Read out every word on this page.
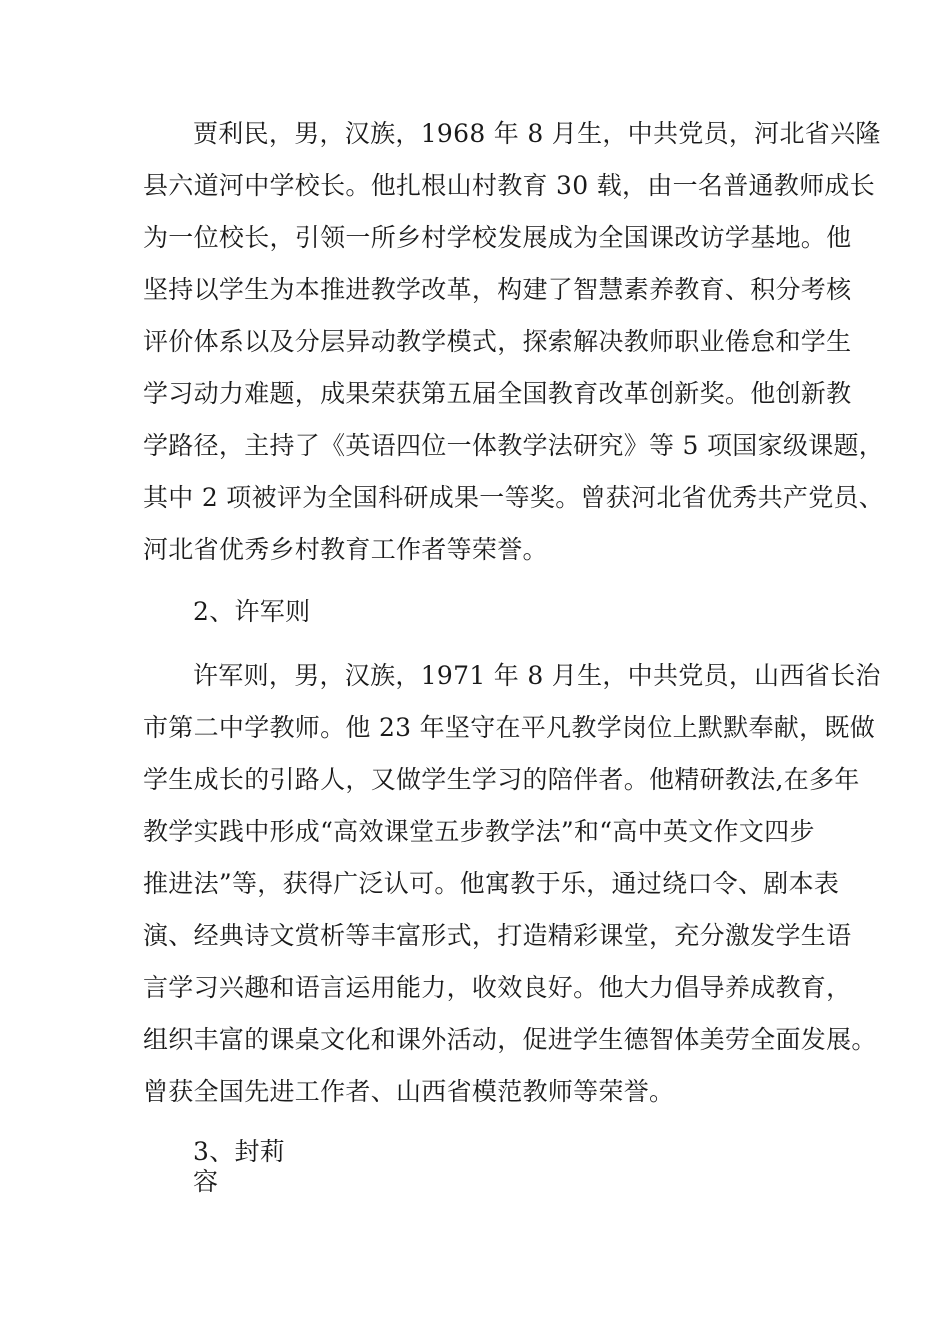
贾利民，男，汉族，1968 年 8 月生，中共党员，河北省兴隆
县六道河中学校长。他扎根山村教育 30 载，由一名普通教师成长
为一位校长，引领一所乡村学校发展成为全国课改访学基地。他
坚持以学生为本推进教学改革，构建了智慧素养教育、积分考核
评价体系以及分层异动教学模式，探索解决教师职业倦怠和学生
学习动力难题，成果荣获第五届全国教育改革创新奖。他创新教
学路径，主持了《英语四位一体教学法研究》等 5 项国家级课题，
其中 2 项被评为全国科研成果一等奖。曾获河北省优秀共产党员、
河北省优秀乡村教育工作者等荣誉。
2、许军则
许军则，男，汉族，1971 年 8 月生，中共党员，山西省长治
市第二中学教师。他 23 年坚守在平凡教学岗位上默默奉献，既做
学生成长的引路人，又做学生学习的陪伴者。他精研教法,在多年
教学实践中形成“高效课堂五步教学法”和“高中英文作文四步
推进法”等，获得广泛认可。他寓教于乐，通过绕口令、剧本表
演、经典诗文赏析等丰富形式，打造精彩课堂，充分激发学生语
言学习兴趣和语言运用能力，收效良好。他大力倡导养成教育，
组织丰富的课桌文化和课外活动，促进学生德智体美劳全面发展。
曾获全国先进工作者、山西省模范教师等荣誉。
3、封莉
容
